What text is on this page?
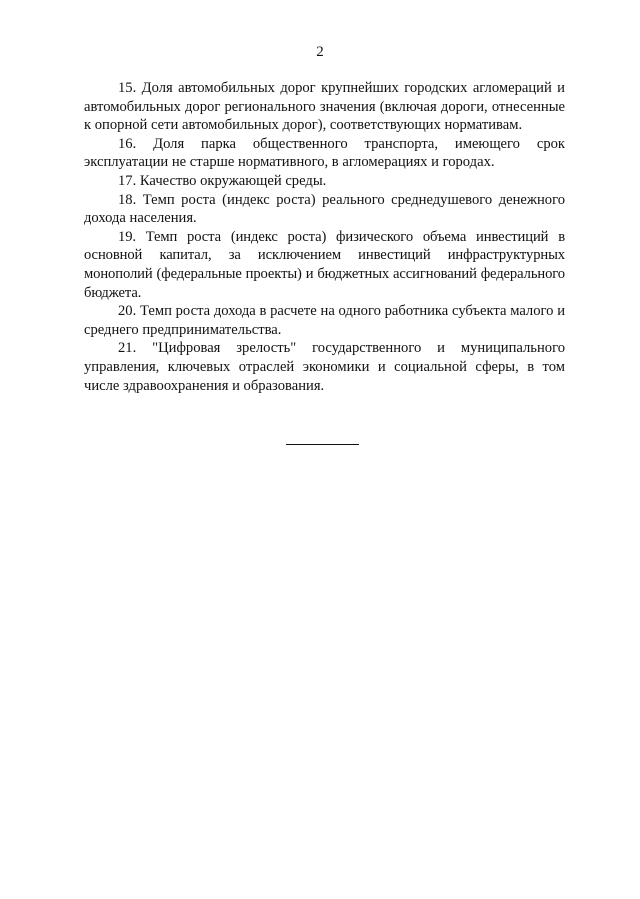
2

15. Доля автомобильных дорог крупнейших городских агломераций и автомобильных дорог регионального значения (включая дороги, отнесенные к опорной сети автомобильных дорог), соответствующих нормативам.

16. Доля парка общественного транспорта, имеющего срок эксплуатации не старше нормативного, в агломерациях и городах.

17. Качество окружающей среды.

18. Темп роста (индекс роста) реального среднедушевого денежного дохода населения.

19. Темп роста (индекс роста) физического объема инвестиций в основной капитал, за исключением инвестиций инфраструктурных монополий (федеральные проекты) и бюджетных ассигнований федерального бюджета.

20. Темп роста дохода в расчете на одного работника субъекта малого и среднего предпринимательства.

21. "Цифровая зрелость" государственного и муниципального управления, ключевых отраслей экономики и социальной сферы, в том числе здравоохранения и образования.
